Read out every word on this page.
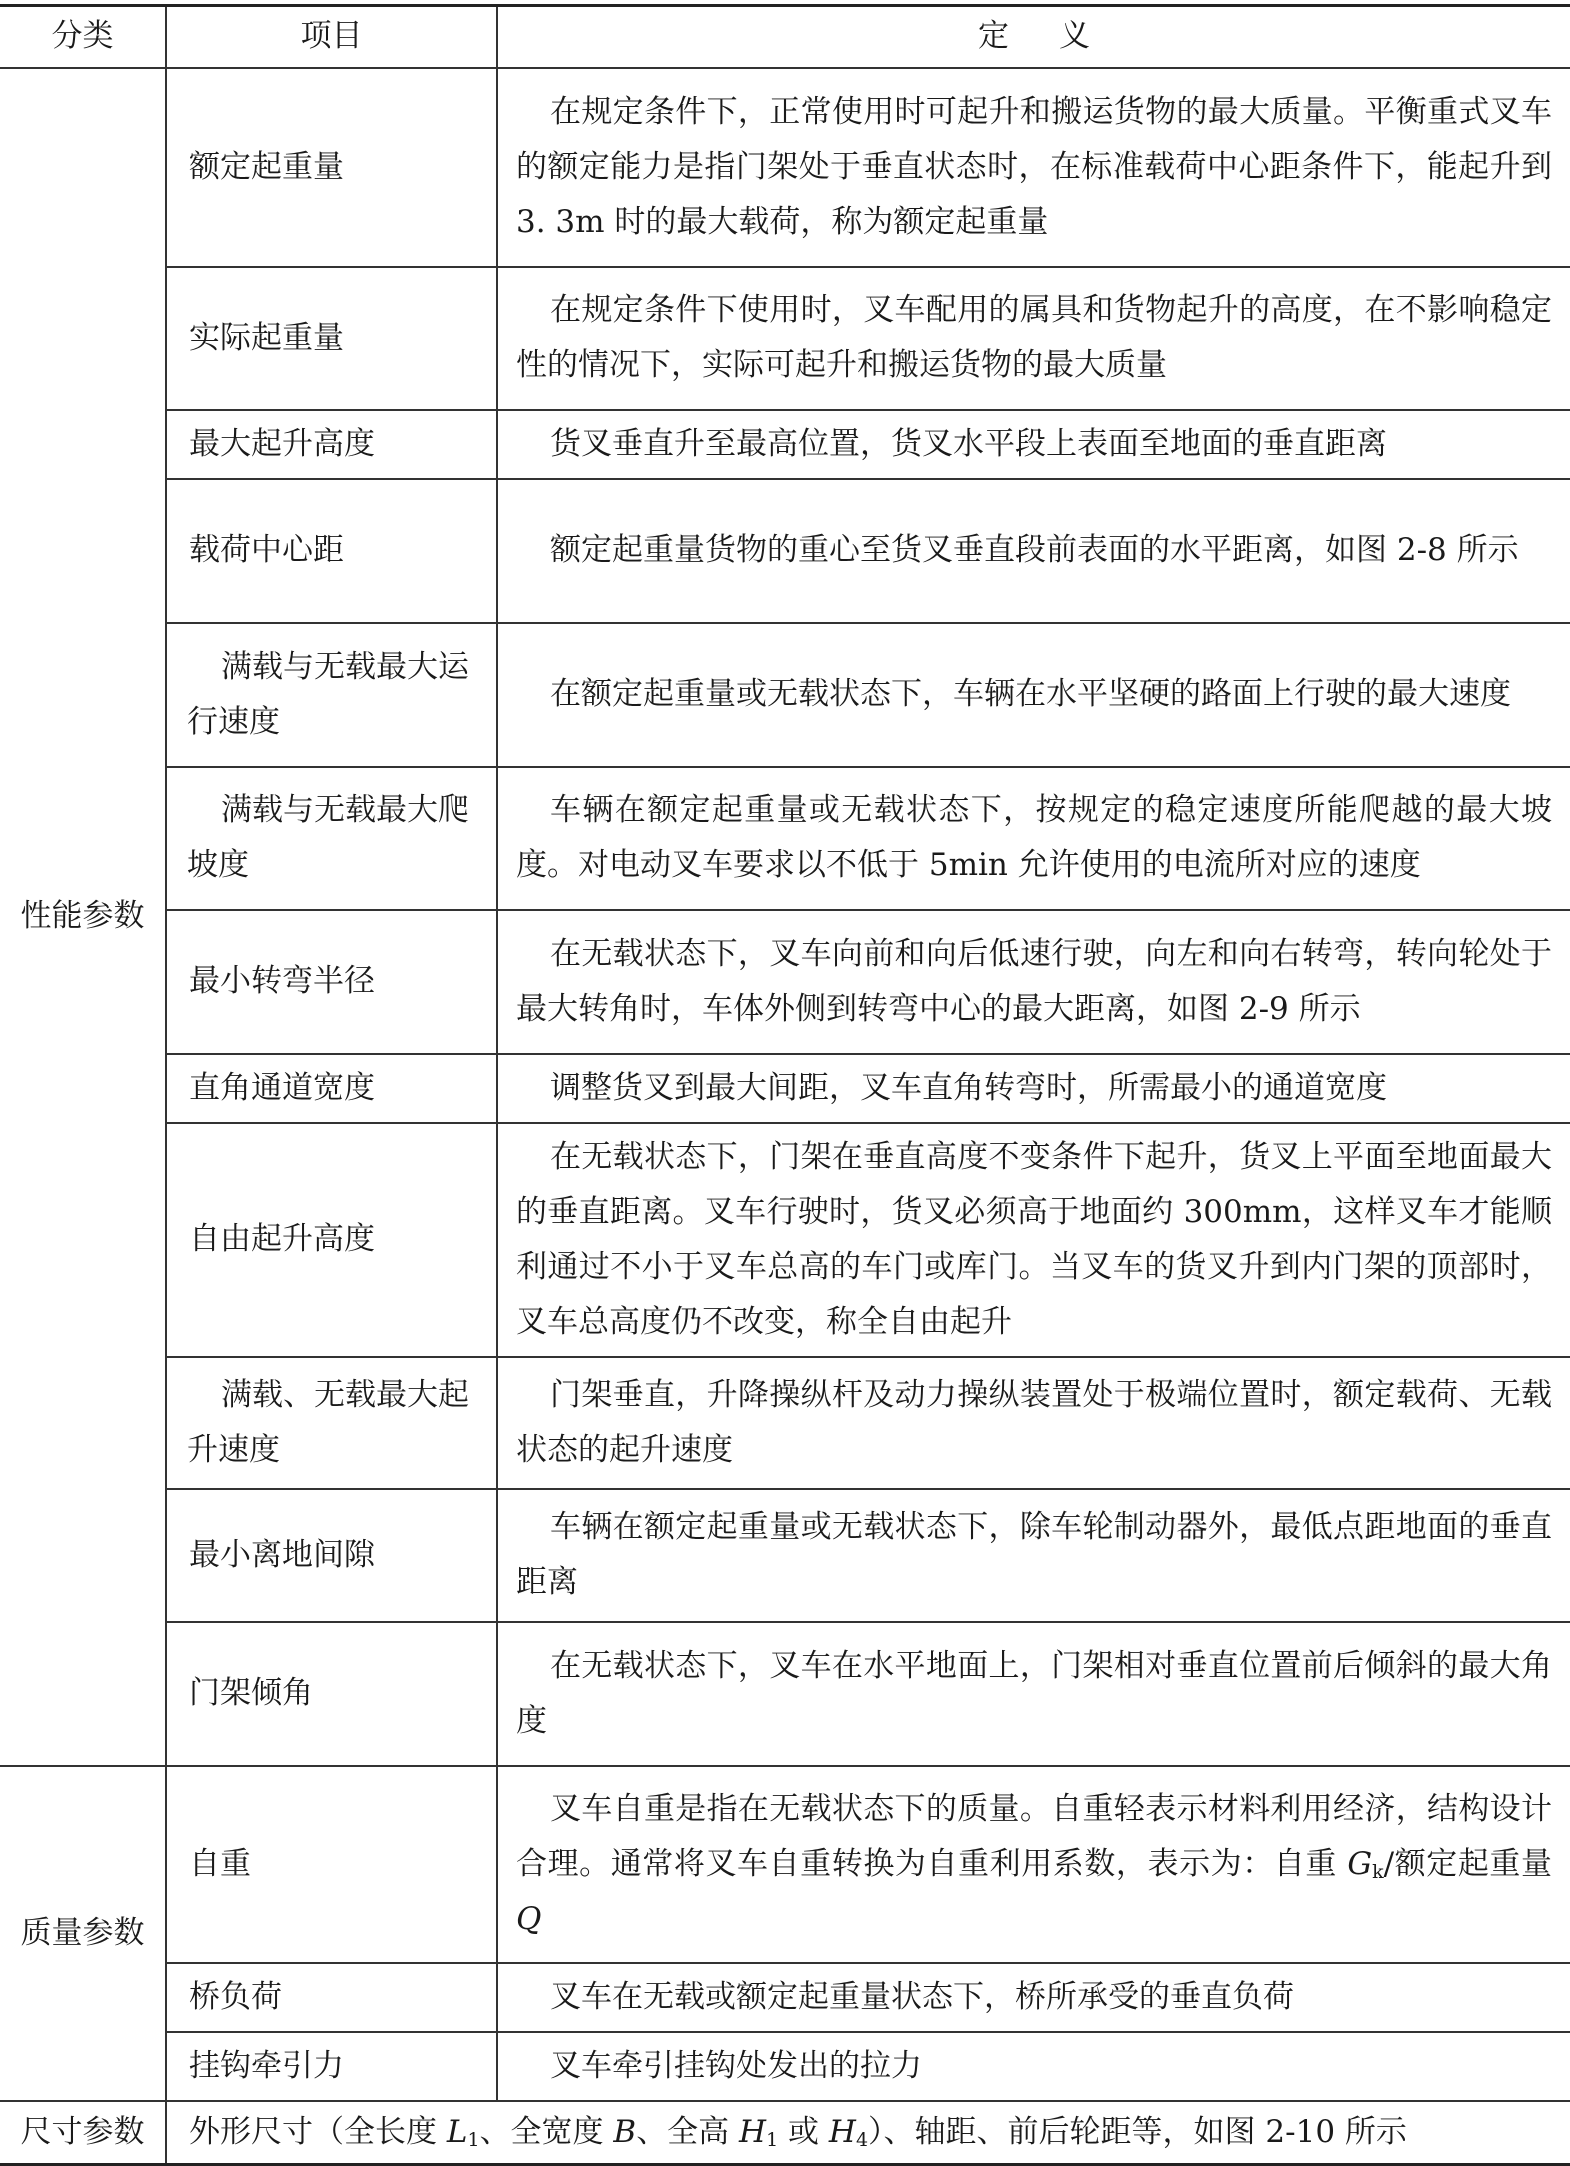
分类	项目	定 义
性能参数	额定起重量	在规定条件下，正常使用时可起升和搬运货物的最大质量。平衡重式叉车的额定能力是指门架处于垂直状态时，在标准载荷中心距条件下，能起升到 3. 3m 时的最大载荷，称为额定起重量
	实际起重量	在规定条件下使用时，叉车配用的属具和货物起升的高度，在不影响稳定性的情况下，实际可起升和搬运货物的最大质量
	最大起升高度	货叉垂直升至最高位置，货叉水平段上表面至地面的垂直距离
	载荷中心距	额定起重量货物的重心至货叉垂直段前表面的水平距离，如图 2-8 所示
	满载与无载最大运行速度	在额定起重量或无载状态下，车辆在水平坚硬的路面上行驶的最大速度
	满载与无载最大爬坡度	车辆在额定起重量或无载状态下，按规定的稳定速度所能爬越的最大坡度。对电动叉车要求以不低于 5min 允许使用的电流所对应的速度
	最小转弯半径	在无载状态下，叉车向前和向后低速行驶，向左和向右转弯，转向轮处于最大转角时，车体外侧到转弯中心的最大距离，如图 2-9 所示
	直角通道宽度	调整货叉到最大间距，叉车直角转弯时，所需最小的通道宽度
	自由起升高度	在无载状态下，门架在垂直高度不变条件下起升，货叉上平面至地面最大的垂直距离。叉车行驶时，货叉必须高于地面约 300mm，这样叉车才能顺利通过不小于叉车总高的车门或库门。当叉车的货叉升到内门架的顶部时，叉车总高度仍不改变，称全自由起升
	满载、无载最大起升速度	门架垂直，升降操纵杆及动力操纵装置处于极端位置时，额定载荷、无载状态的起升速度
	最小离地间隙	车辆在额定起重量或无载状态下，除车轮制动器外，最低点距地面的垂直距离
	门架倾角	在无载状态下，叉车在水平地面上，门架相对垂直位置前后倾斜的最大角度
质量参数	自重	叉车自重是指在无载状态下的质量。自重轻表示材料利用经济，结构设计合理。通常将叉车自重转换为自重利用系数，表示为：自重 $G_k/$额定起重量 Q
	桥负荷	叉车在无载或额定起重量状态下，桥所承受的垂直负荷
	挂钩牵引力	叉车牵引挂钩处发出的拉力
尺寸参数	外形尺寸（全长度 $L_1$、全宽度 B、全高 $H_1$ 或 $H_4$）、轴距、前后轮距等，如图 2-10 所示	
